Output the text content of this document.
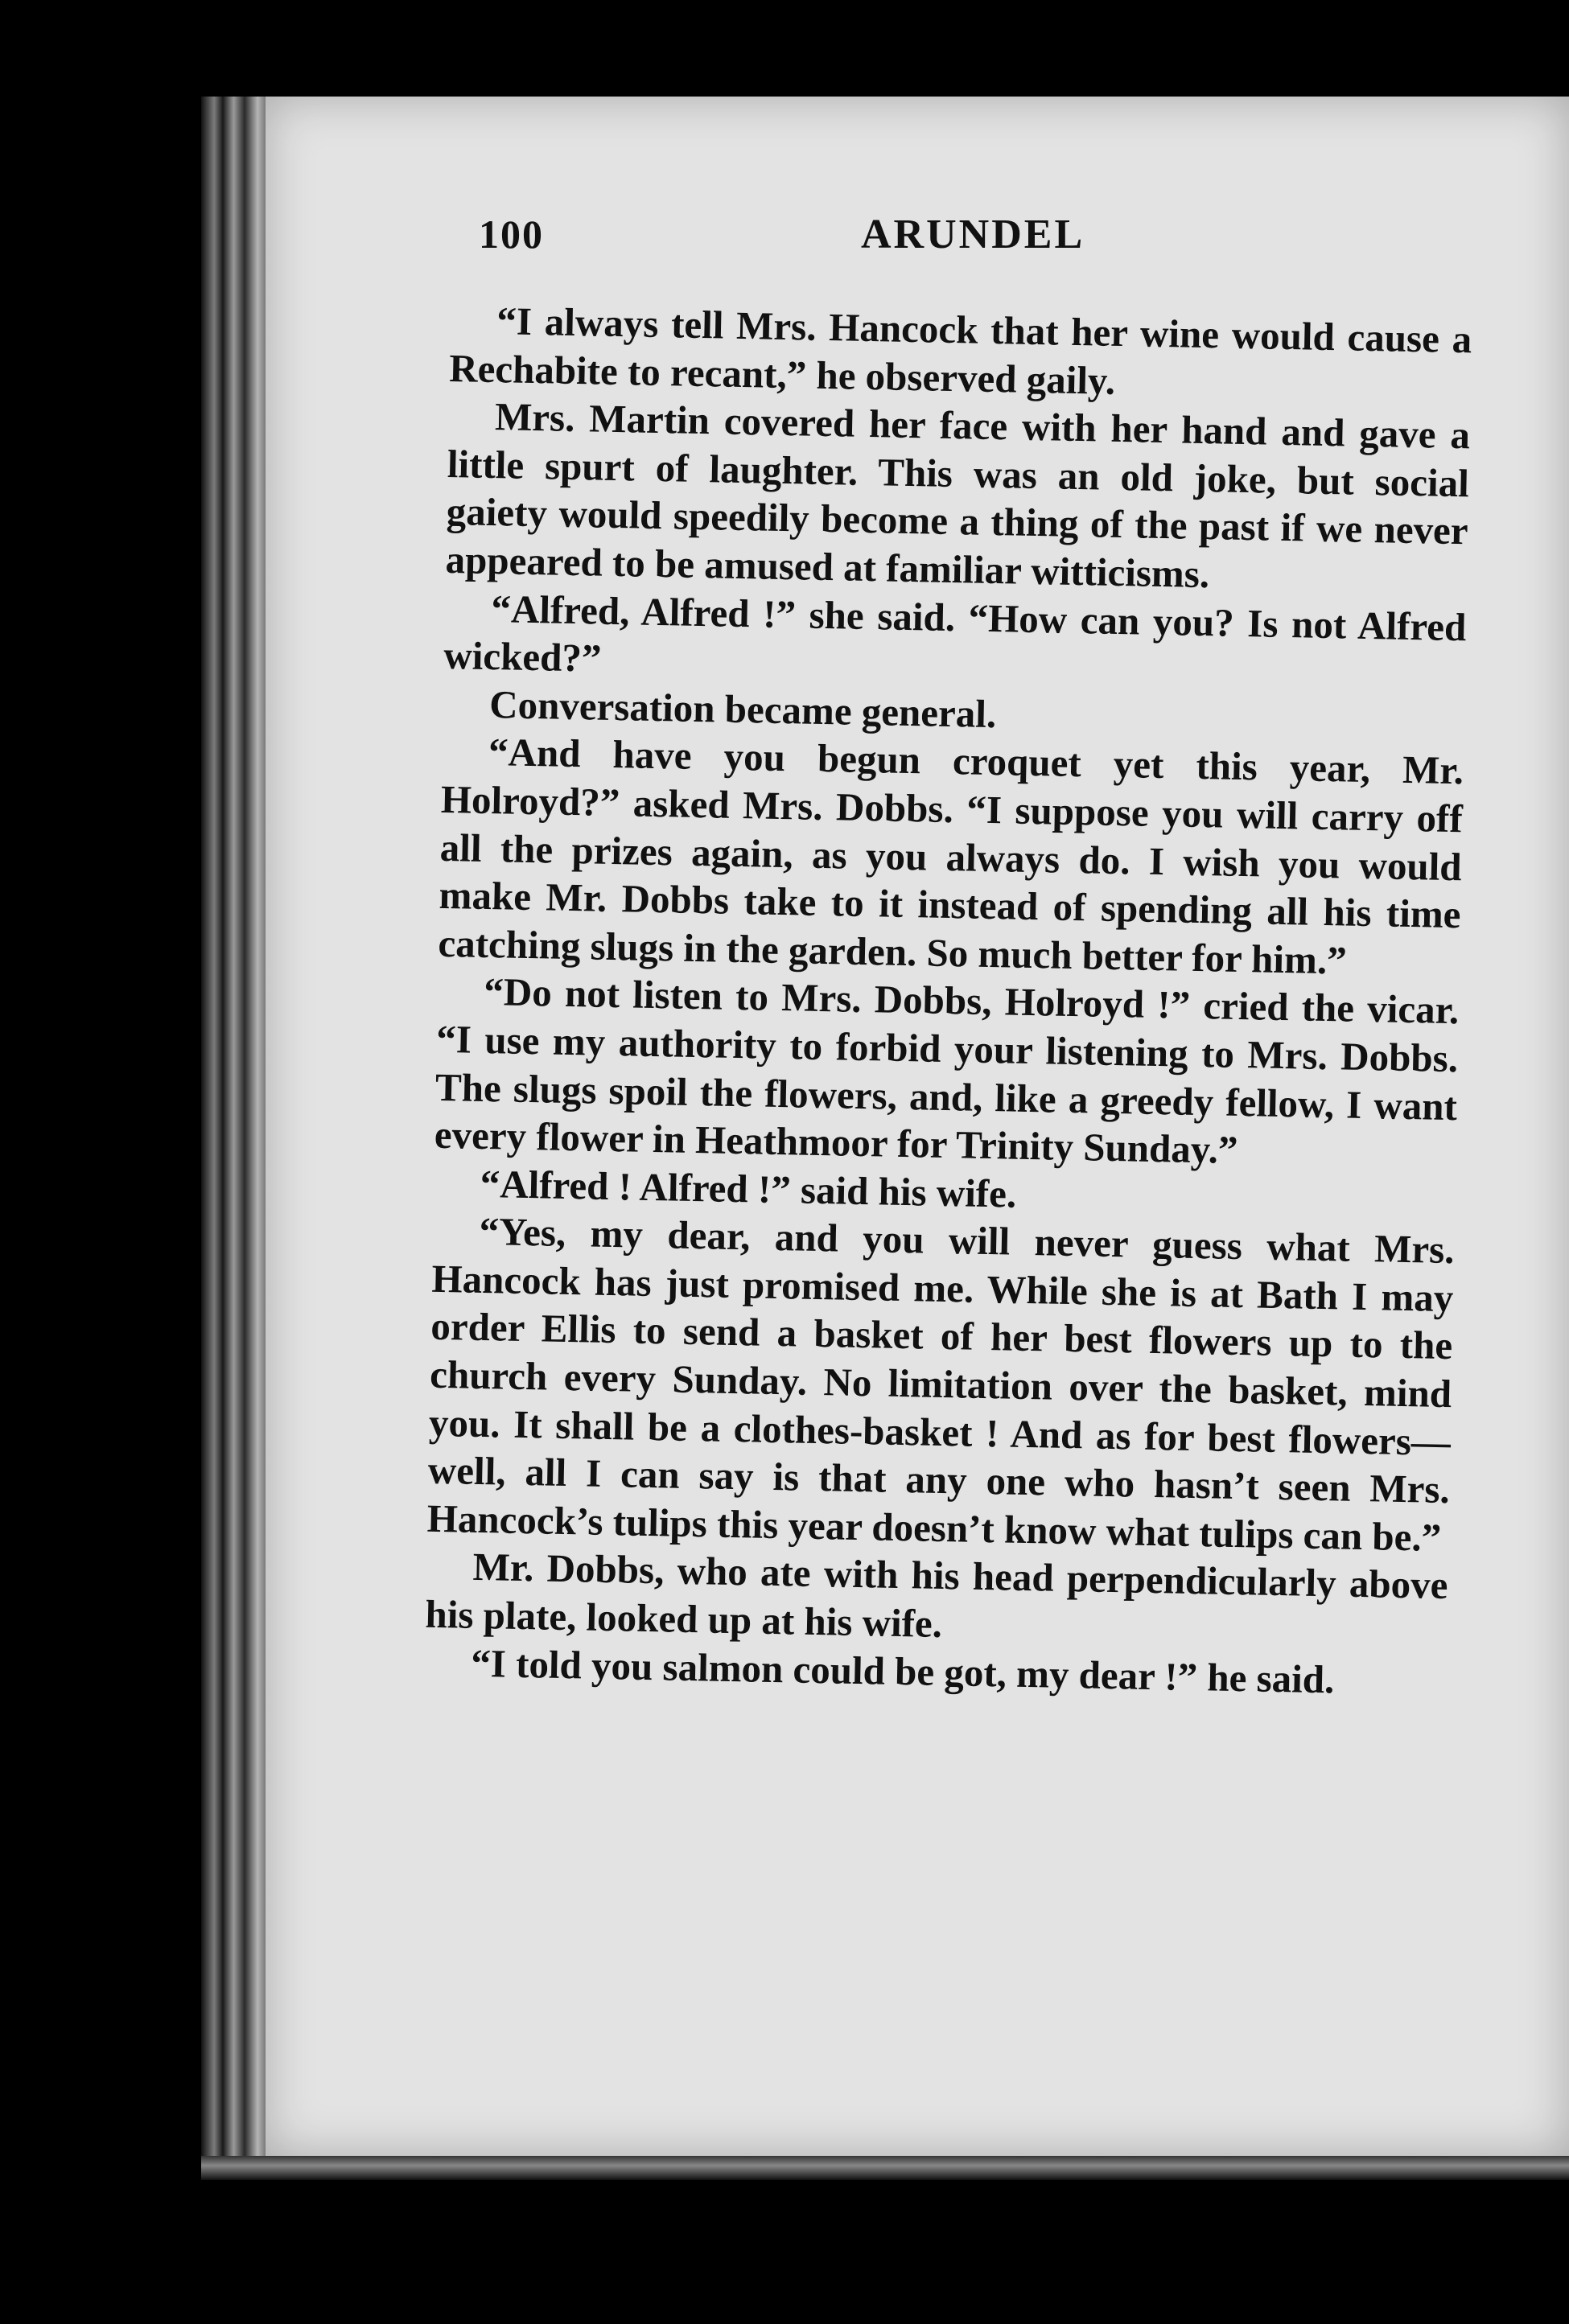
100	ARUNDEL

“I always tell Mrs. Hancock that her wine would cause a Rechabite to recant,” he observed gaily.

Mrs. Martin covered her face with her hand and gave a little spurt of laughter. This was an old joke, but social gaiety would speedily become a thing of the past if we never appeared to be amused at familiar witticisms.

“Alfred, Alfred !” she said. “How can you? Is not Alfred wicked?”

Conversation became general.

“And have you begun croquet yet this year, Mr. Holroyd?” asked Mrs. Dobbs. “I suppose you will carry off all the prizes again, as you always do. I wish you would make Mr. Dobbs take to it instead of spending all his time catching slugs in the garden. So much better for him.”

“Do not listen to Mrs. Dobbs, Holroyd !” cried the vicar. “I use my authority to forbid your listening to Mrs. Dobbs. The slugs spoil the flowers, and, like a greedy fellow, I want every flower in Heathmoor for Trinity Sunday.”

“Alfred ! Alfred !” said his wife.

“Yes, my dear, and you will never guess what Mrs. Hancock has just promised me. While she is at Bath I may order Ellis to send a basket of her best flowers up to the church every Sunday. No limitation over the basket, mind you. It shall be a clothes-basket ! And as for best flowers—well, all I can say is that any one who hasn’t seen Mrs. Hancock’s tulips this year doesn’t know what tulips can be.”

Mr. Dobbs, who ate with his head perpendicularly above his plate, looked up at his wife.

“I told you salmon could be got, my dear !” he said.
